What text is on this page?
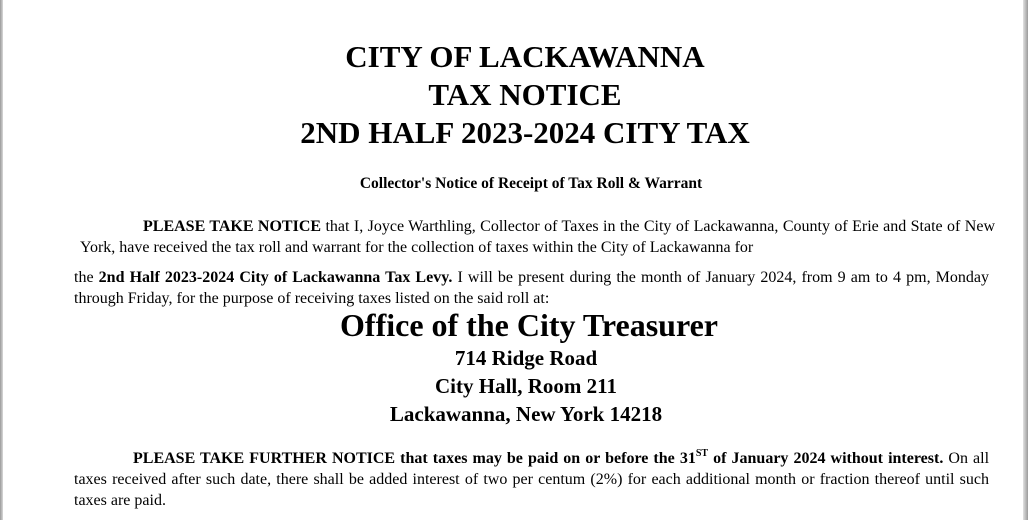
CITY OF LACKAWANNA
TAX NOTICE
2ND HALF 2023-2024 CITY TAX
Collector's Notice of Receipt of Tax Roll & Warrant
PLEASE TAKE NOTICE that I, Joyce Warthling, Collector of Taxes in the City of Lackawanna, County of Erie and State of New York, have received the tax roll and warrant for the collection of taxes within the City of Lackawanna for
the 2nd Half 2023-2024 City of Lackawanna Tax Levy. I will be present during the month of January 2024, from 9 am to 4 pm, Monday through Friday, for the purpose of receiving taxes listed on the said roll at:
Office of the City Treasurer
714 Ridge Road
City Hall, Room 211
Lackawanna, New York 14218
PLEASE TAKE FURTHER NOTICE that taxes may be paid on or before the 31ST of January 2024 without interest. On all taxes received after such date, there shall be added interest of two per centum (2%) for each additional month or fraction thereof until such taxes are paid.
